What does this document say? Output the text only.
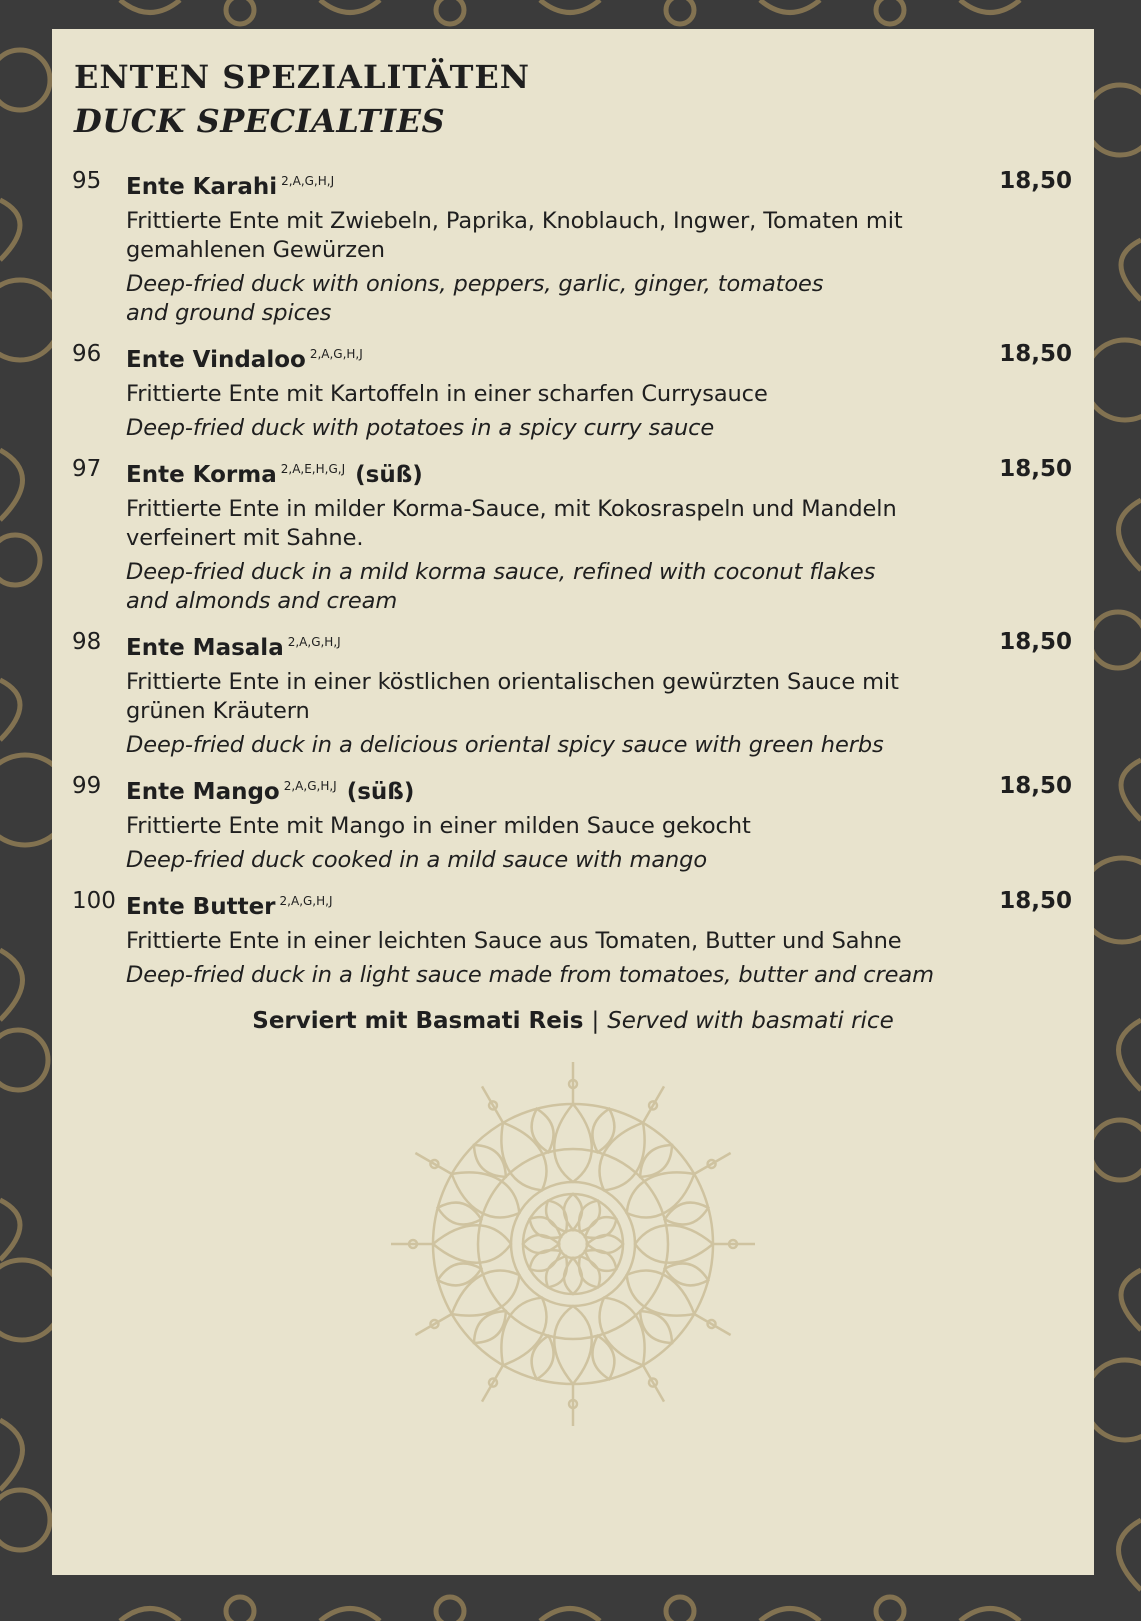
ENTEN SPEZIALITÄTEN
DUCK SPECIALTIES
95 Ente Karahi $^{2,A,G,H,J}$	18,50
Frittierte Ente mit Zwiebeln, Paprika, Knoblauch, Ingwer, Tomaten mit gemahlenen Gewürzen
Deep-fried duck with onions, peppers, garlic, ginger, tomatoes and ground spices
96 Ente Vindaloo $^{2,A,G,H,J}$	18,50
Frittierte Ente mit Kartoffeln in einer scharfen Currysauce
Deep-fried duck with potatoes in a spicy curry sauce
97 Ente Korma $^{2,A,E,H,G,J}$ (süß)	18,50
Frittierte Ente in milder Korma-Sauce, mit Kokosraspeln und Mandeln verfeinert mit Sahne.
Deep-fried duck in a mild korma sauce, refined with coconut flakes and almonds and cream
98 Ente Masala $^{2,A,G,H,J}$	18,50
Frittierte Ente in einer köstlichen orientalischen gewürzten Sauce mit grünen Kräutern
Deep-fried duck in a delicious oriental spicy sauce with green herbs
99 Ente Mango $^{2,A,G,H,J}$ (süß)	18,50
Frittierte Ente mit Mango in einer milden Sauce gekocht
Deep-fried duck cooked in a mild sauce with mango
100 Ente Butter $^{2,A,G,H,J}$	18,50
Frittierte Ente in einer leichten Sauce aus Tomaten, Butter und Sahne
Deep-fried duck in a light sauce made from tomatoes, butter and cream
Serviert mit Basmati Reis | Served with basmati rice
